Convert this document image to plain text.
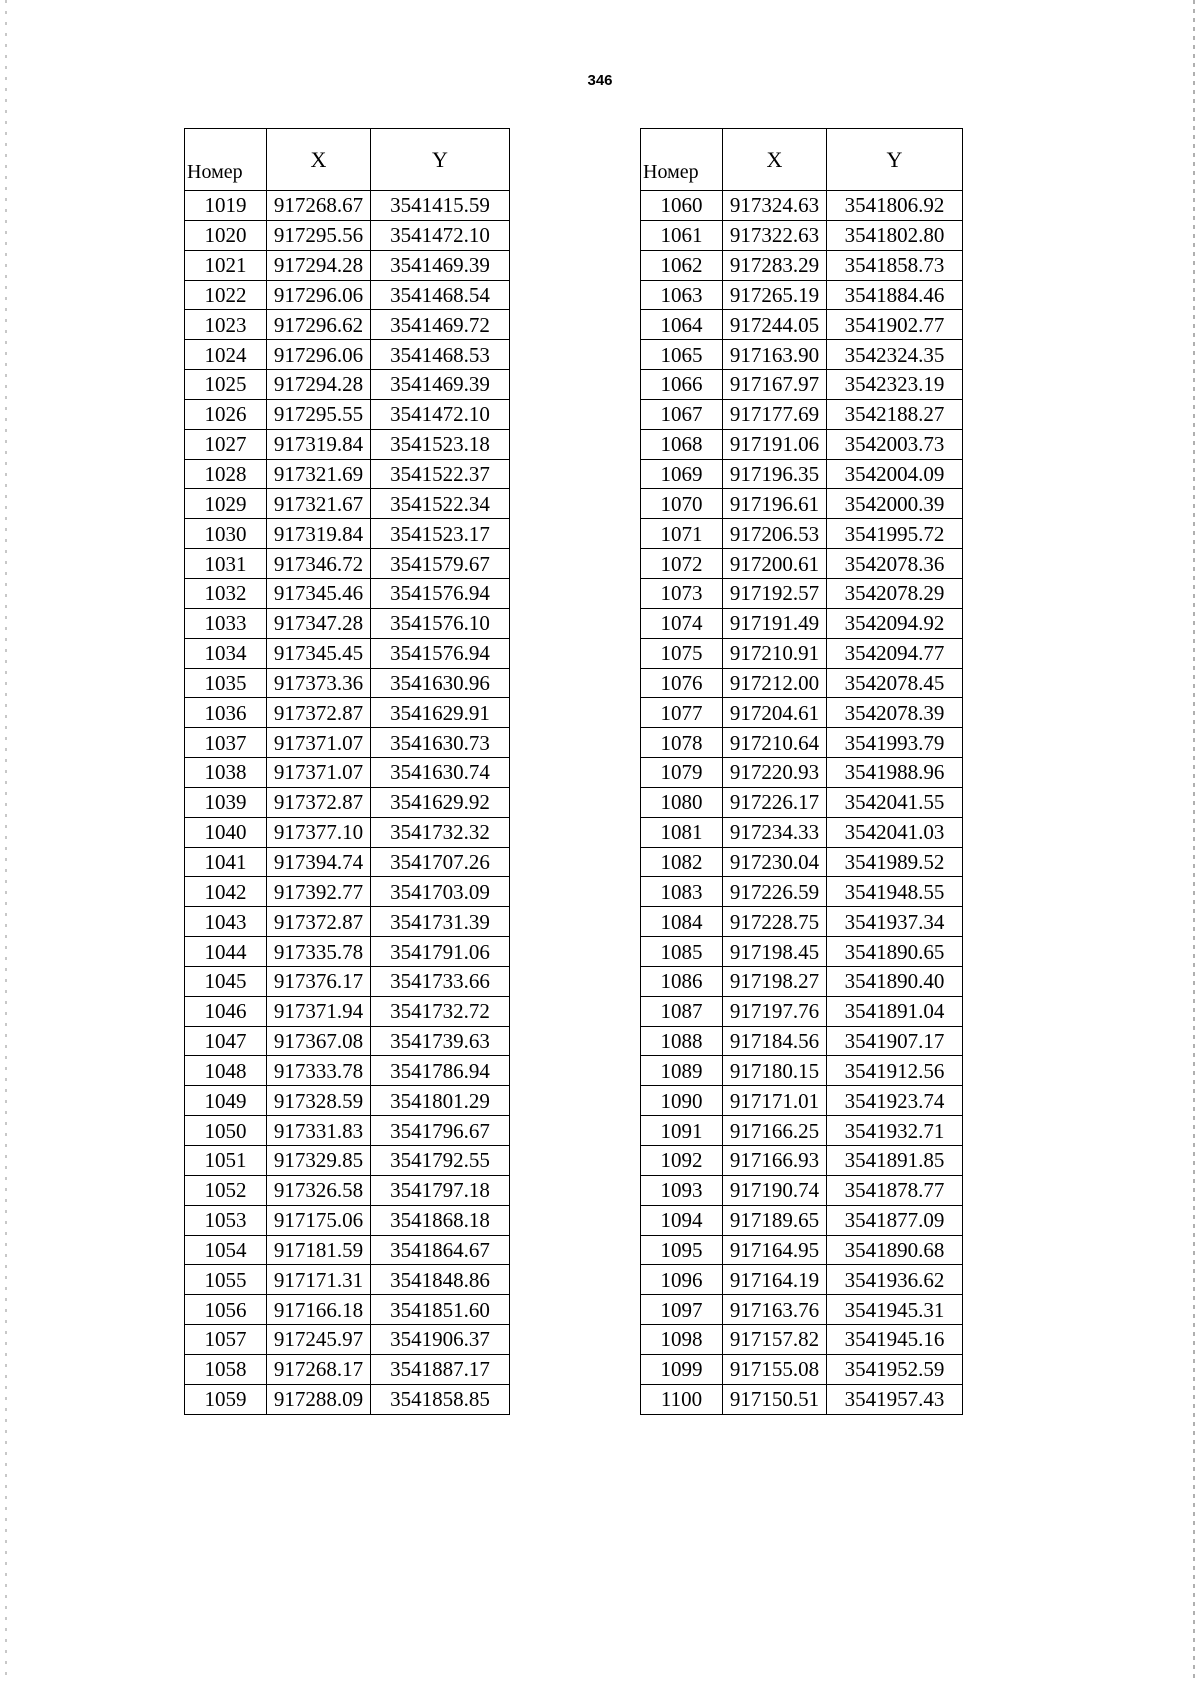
346
Номер	X	Y
1019	917268.67	3541415.59
1020	917295.56	3541472.10
1021	917294.28	3541469.39
1022	917296.06	3541468.54
1023	917296.62	3541469.72
1024	917296.06	3541468.53
1025	917294.28	3541469.39
1026	917295.55	3541472.10
1027	917319.84	3541523.18
1028	917321.69	3541522.37
1029	917321.67	3541522.34
1030	917319.84	3541523.17
1031	917346.72	3541579.67
1032	917345.46	3541576.94
1033	917347.28	3541576.10
1034	917345.45	3541576.94
1035	917373.36	3541630.96
1036	917372.87	3541629.91
1037	917371.07	3541630.73
1038	917371.07	3541630.74
1039	917372.87	3541629.92
1040	917377.10	3541732.32
1041	917394.74	3541707.26
1042	917392.77	3541703.09
1043	917372.87	3541731.39
1044	917335.78	3541791.06
1045	917376.17	3541733.66
1046	917371.94	3541732.72
1047	917367.08	3541739.63
1048	917333.78	3541786.94
1049	917328.59	3541801.29
1050	917331.83	3541796.67
1051	917329.85	3541792.55
1052	917326.58	3541797.18
1053	917175.06	3541868.18
1054	917181.59	3541864.67
1055	917171.31	3541848.86
1056	917166.18	3541851.60
1057	917245.97	3541906.37
1058	917268.17	3541887.17
1059	917288.09	3541858.85
Номер	X	Y
1060	917324.63	3541806.92
1061	917322.63	3541802.80
1062	917283.29	3541858.73
1063	917265.19	3541884.46
1064	917244.05	3541902.77
1065	917163.90	3542324.35
1066	917167.97	3542323.19
1067	917177.69	3542188.27
1068	917191.06	3542003.73
1069	917196.35	3542004.09
1070	917196.61	3542000.39
1071	917206.53	3541995.72
1072	917200.61	3542078.36
1073	917192.57	3542078.29
1074	917191.49	3542094.92
1075	917210.91	3542094.77
1076	917212.00	3542078.45
1077	917204.61	3542078.39
1078	917210.64	3541993.79
1079	917220.93	3541988.96
1080	917226.17	3542041.55
1081	917234.33	3542041.03
1082	917230.04	3541989.52
1083	917226.59	3541948.55
1084	917228.75	3541937.34
1085	917198.45	3541890.65
1086	917198.27	3541890.40
1087	917197.76	3541891.04
1088	917184.56	3541907.17
1089	917180.15	3541912.56
1090	917171.01	3541923.74
1091	917166.25	3541932.71
1092	917166.93	3541891.85
1093	917190.74	3541878.77
1094	917189.65	3541877.09
1095	917164.95	3541890.68
1096	917164.19	3541936.62
1097	917163.76	3541945.31
1098	917157.82	3541945.16
1099	917155.08	3541952.59
1100	917150.51	3541957.43
